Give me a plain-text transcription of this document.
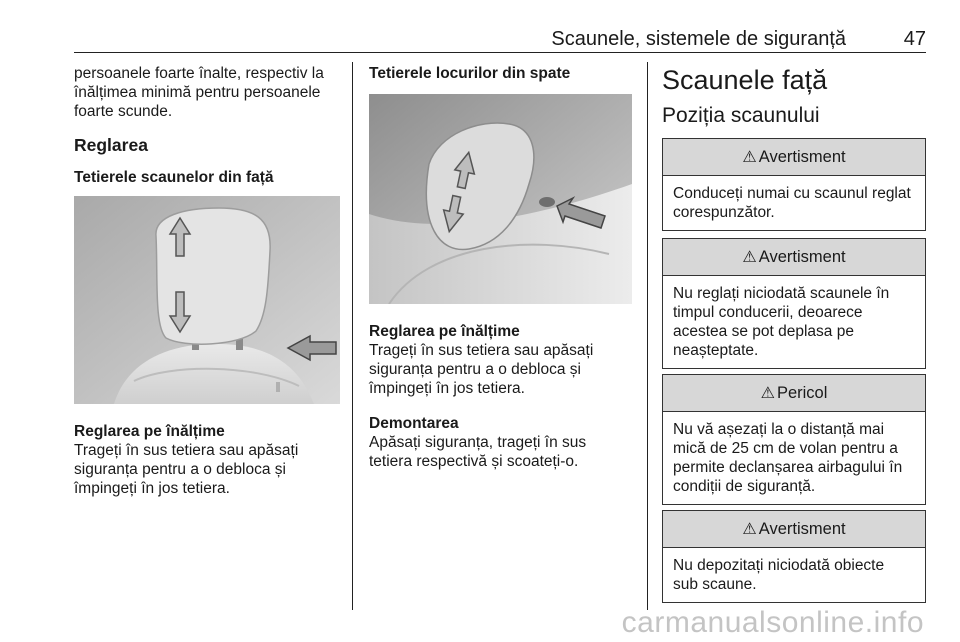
Scaunele, sistemele de siguranță	47

persoanele foarte înalte, respectiv la

înălțimea minimă pentru persoanele

foarte scunde.

Reglarea

Tetierele scaunelor din față

Reglarea pe înălțime

Trageți în sus tetiera sau apăsați

siguranța pentru a o debloca și

împingeți în jos tetiera.

Tetierele locurilor din spate

Reglarea pe înălțime

Trageți în sus tetiera sau apăsați

siguranța pentru a o debloca și

împingeți în jos tetiera.

Demontarea

Apăsați siguranța, trageți în sus

tetiera respectivă și scoateți-o.

Scaunele față

Poziția scaunului

⚠ Avertisment
Conduceți numai cu scaunul reglat
corespunzător.
⚠ Avertisment
Nu reglați niciodată scaunele în
timpul conducerii, deoarece
acestea se pot deplasa pe
neașteptate.
⚠ Pericol
Nu vă așezați la o distanță mai
mică de 25 cm de volan pentru a
permite declanșarea airbagului în
condiții de siguranță.
⚠ Avertisment
Nu depozitați niciodată obiecte
sub scaune.
carmanualsonline.info
